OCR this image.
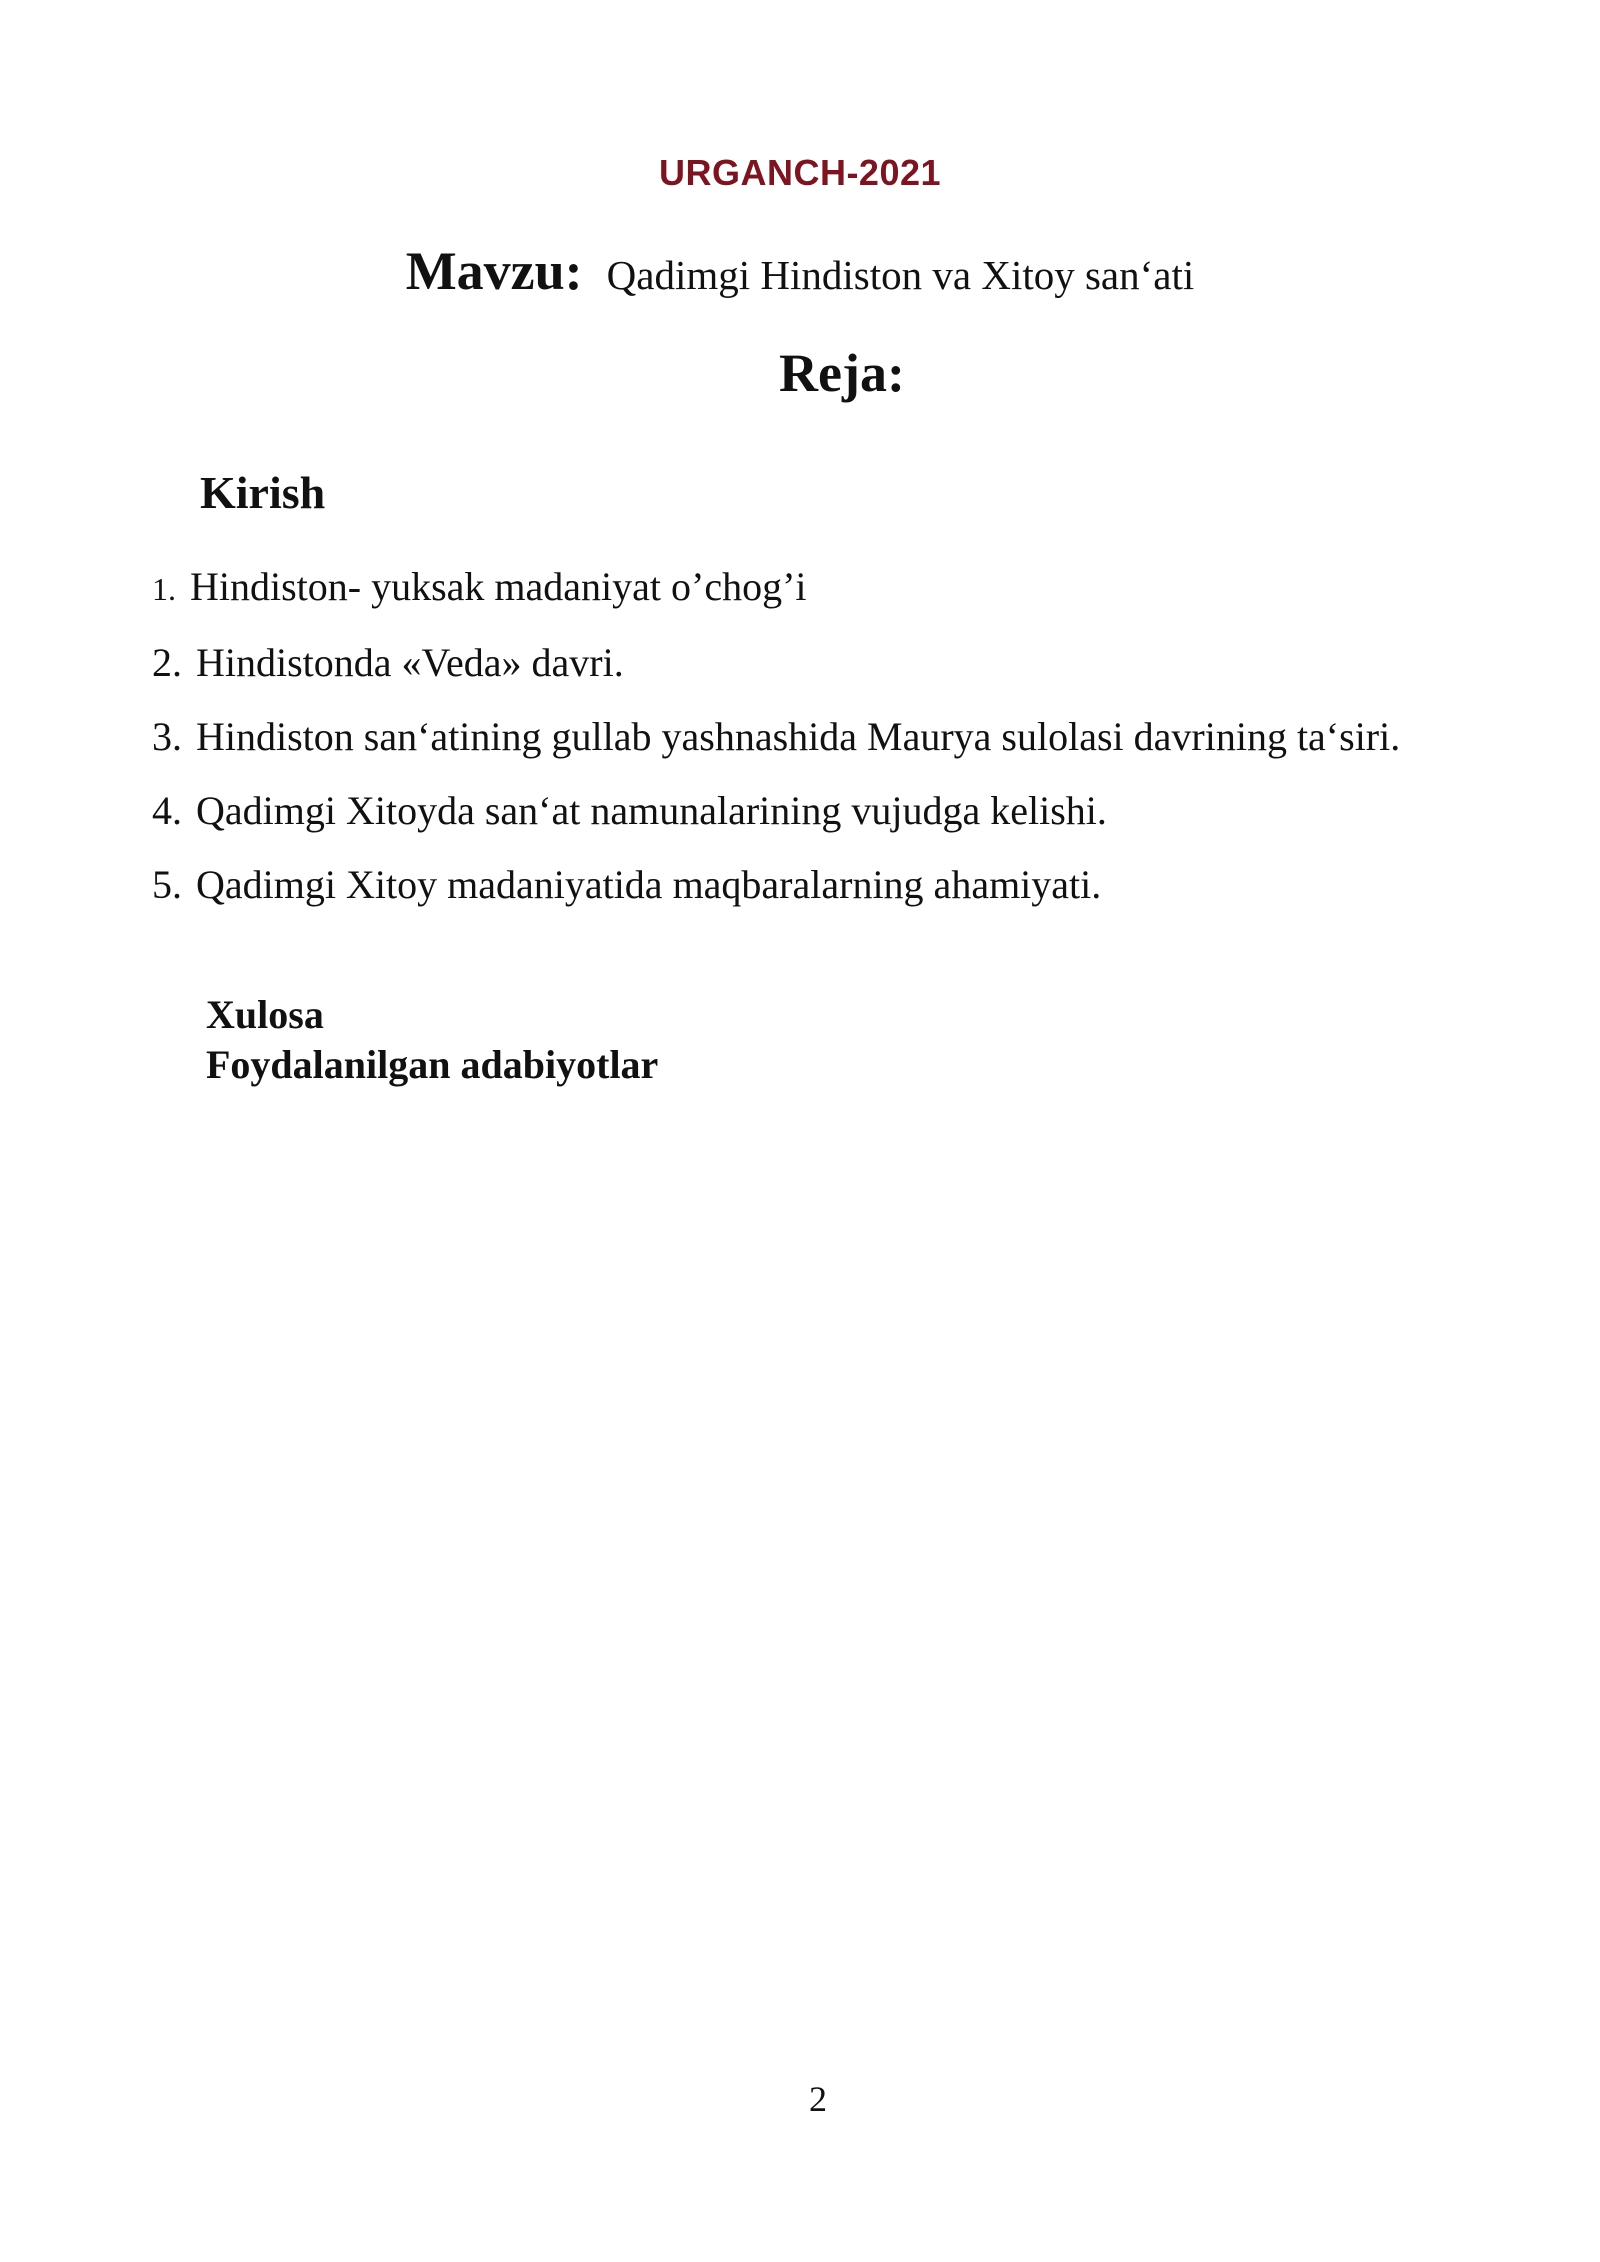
URGANCH-2021
Mavzu: Qadimgi Hindiston va Xitoy san‘ati
Reja:
Kirish
1. Hindiston- yuksak madaniyat o’chog’i
2. Hindistonda «Veda» davri.
3. Hindiston san‘atining gullab yashnashida Maurya sulolasi davrining ta‘siri.
4. Qadimgi Xitoyda san‘at namunalarining vujudga kelishi.
5. Qadimgi Xitoy madaniyatida maqbaralarning ahamiyati.
Xulosa
Foydalanilgan adabiyotlar
2
